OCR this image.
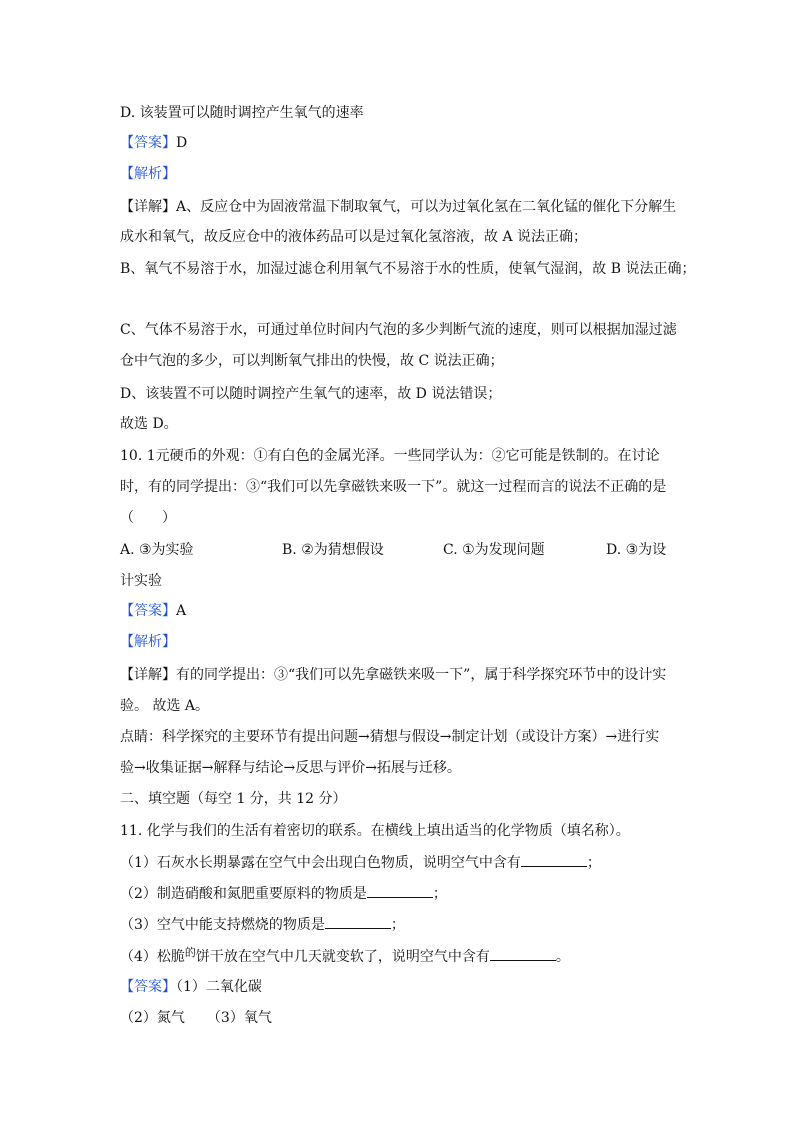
D. 该装置可以随时调控产生氧气的速率
【答案】D
【解析】
【详解】A、反应仓中为固液常温下制取氧气，可以为过氧化氢在二氧化锰的催化下分解生
成水和氧气，故反应仓中的液体药品可以是过氧化氢溶液，故 A 说法正确；
B、氧气不易溶于水，加湿过滤仓利用氧气不易溶于水的性质，使氧气湿润，故 B 说法正确；
C、气体不易溶于水，可通过单位时间内气泡的多少判断气流的速度，则可以根据加湿过滤
仓中气泡的多少，可以判断氧气排出的快慢，故 C 说法正确；
D、该装置不可以随时调控产生氧气的速率，故 D 说法错误；
故选 D。
10. 1元硬币的外观：①有白色的金属光泽。一些同学认为：②它可能是铁制的。在讨论
时，有的同学提出：③“我们可以先拿磁铁来吸一下”。就这一过程而言的说法不正确的是
（　　）
A. ③为实验	B. ②为猜想假设	C. ①为发现问题	D. ③为设
计实验
【答案】A
【解析】
【详解】有的同学提出：③“我们可以先拿磁铁来吸一下”，属于科学探究环节中的设计实
验。 故选 A。
点睛：科学探究的主要环节有提出问题→猜想与假设→制定计划（或设计方案）→进行实
验→收集证据→解释与结论→反思与评价→拓展与迁移。
二、填空题（每空 1 分，共 12 分）
11. 化学与我们的生活有着密切的联系。在横线上填出适当的化学物质（填名称）。
（1）石灰水长期暴露在空气中会出现白色物质，说明空气中含有	；
（2）制造硝酸和氮肥重要原料的物质是	；
（3）空气中能支持燃烧的物质是	；
（4）松脆$^的$饼干放在空气中几天就变软了，说明空气中含有	。
【答案】（1）二氧化碳
（2）氮气 （3）氧气
